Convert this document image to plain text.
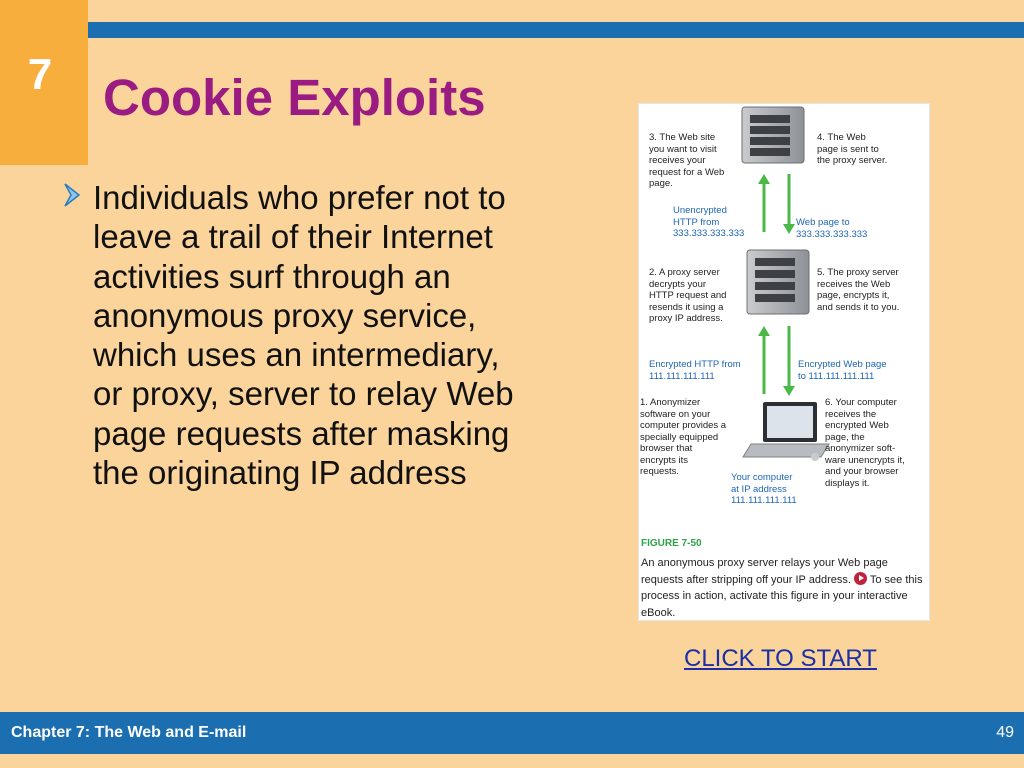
7 Cookie Exploits

Individuals who prefer not to leave a trail of their Internet activities surf through an anonymous proxy service, which uses an intermediary, or proxy, server to relay Web page requests after masking the originating IP address

3. The Web site
you want to visit
receives your
request for a Web
page.
4. The Web
page is sent to
the proxy server.
Unencrypted
HTTP from
333.333.333.333
Web page to
333.333.333.333
2. A proxy server
decrypts your
HTTP request and
resends it using a
proxy IP address.
5. The proxy server
receives the Web
page, encrypts it,
and sends it to you.
Encrypted HTTP from
111.111.111.111
Encrypted Web page
to 111.111.111.111
1. Anonymizer
software on your
computer provides a
specially equipped
browser that
encrypts its
requests.
6. Your computer
receives the
encrypted Web
page, the
anonymizer soft-
ware unencrypts it,
and your browser
displays it.
Your computer
at IP address
111.111.111.111

FIGURE 7-50

An anonymous proxy server relays your Web page requests after stripping off your IP address.  To see this process in action, activate this figure in your interactive eBook.

CLICK TO START

Chapter 7: The Web and E-mail	49
